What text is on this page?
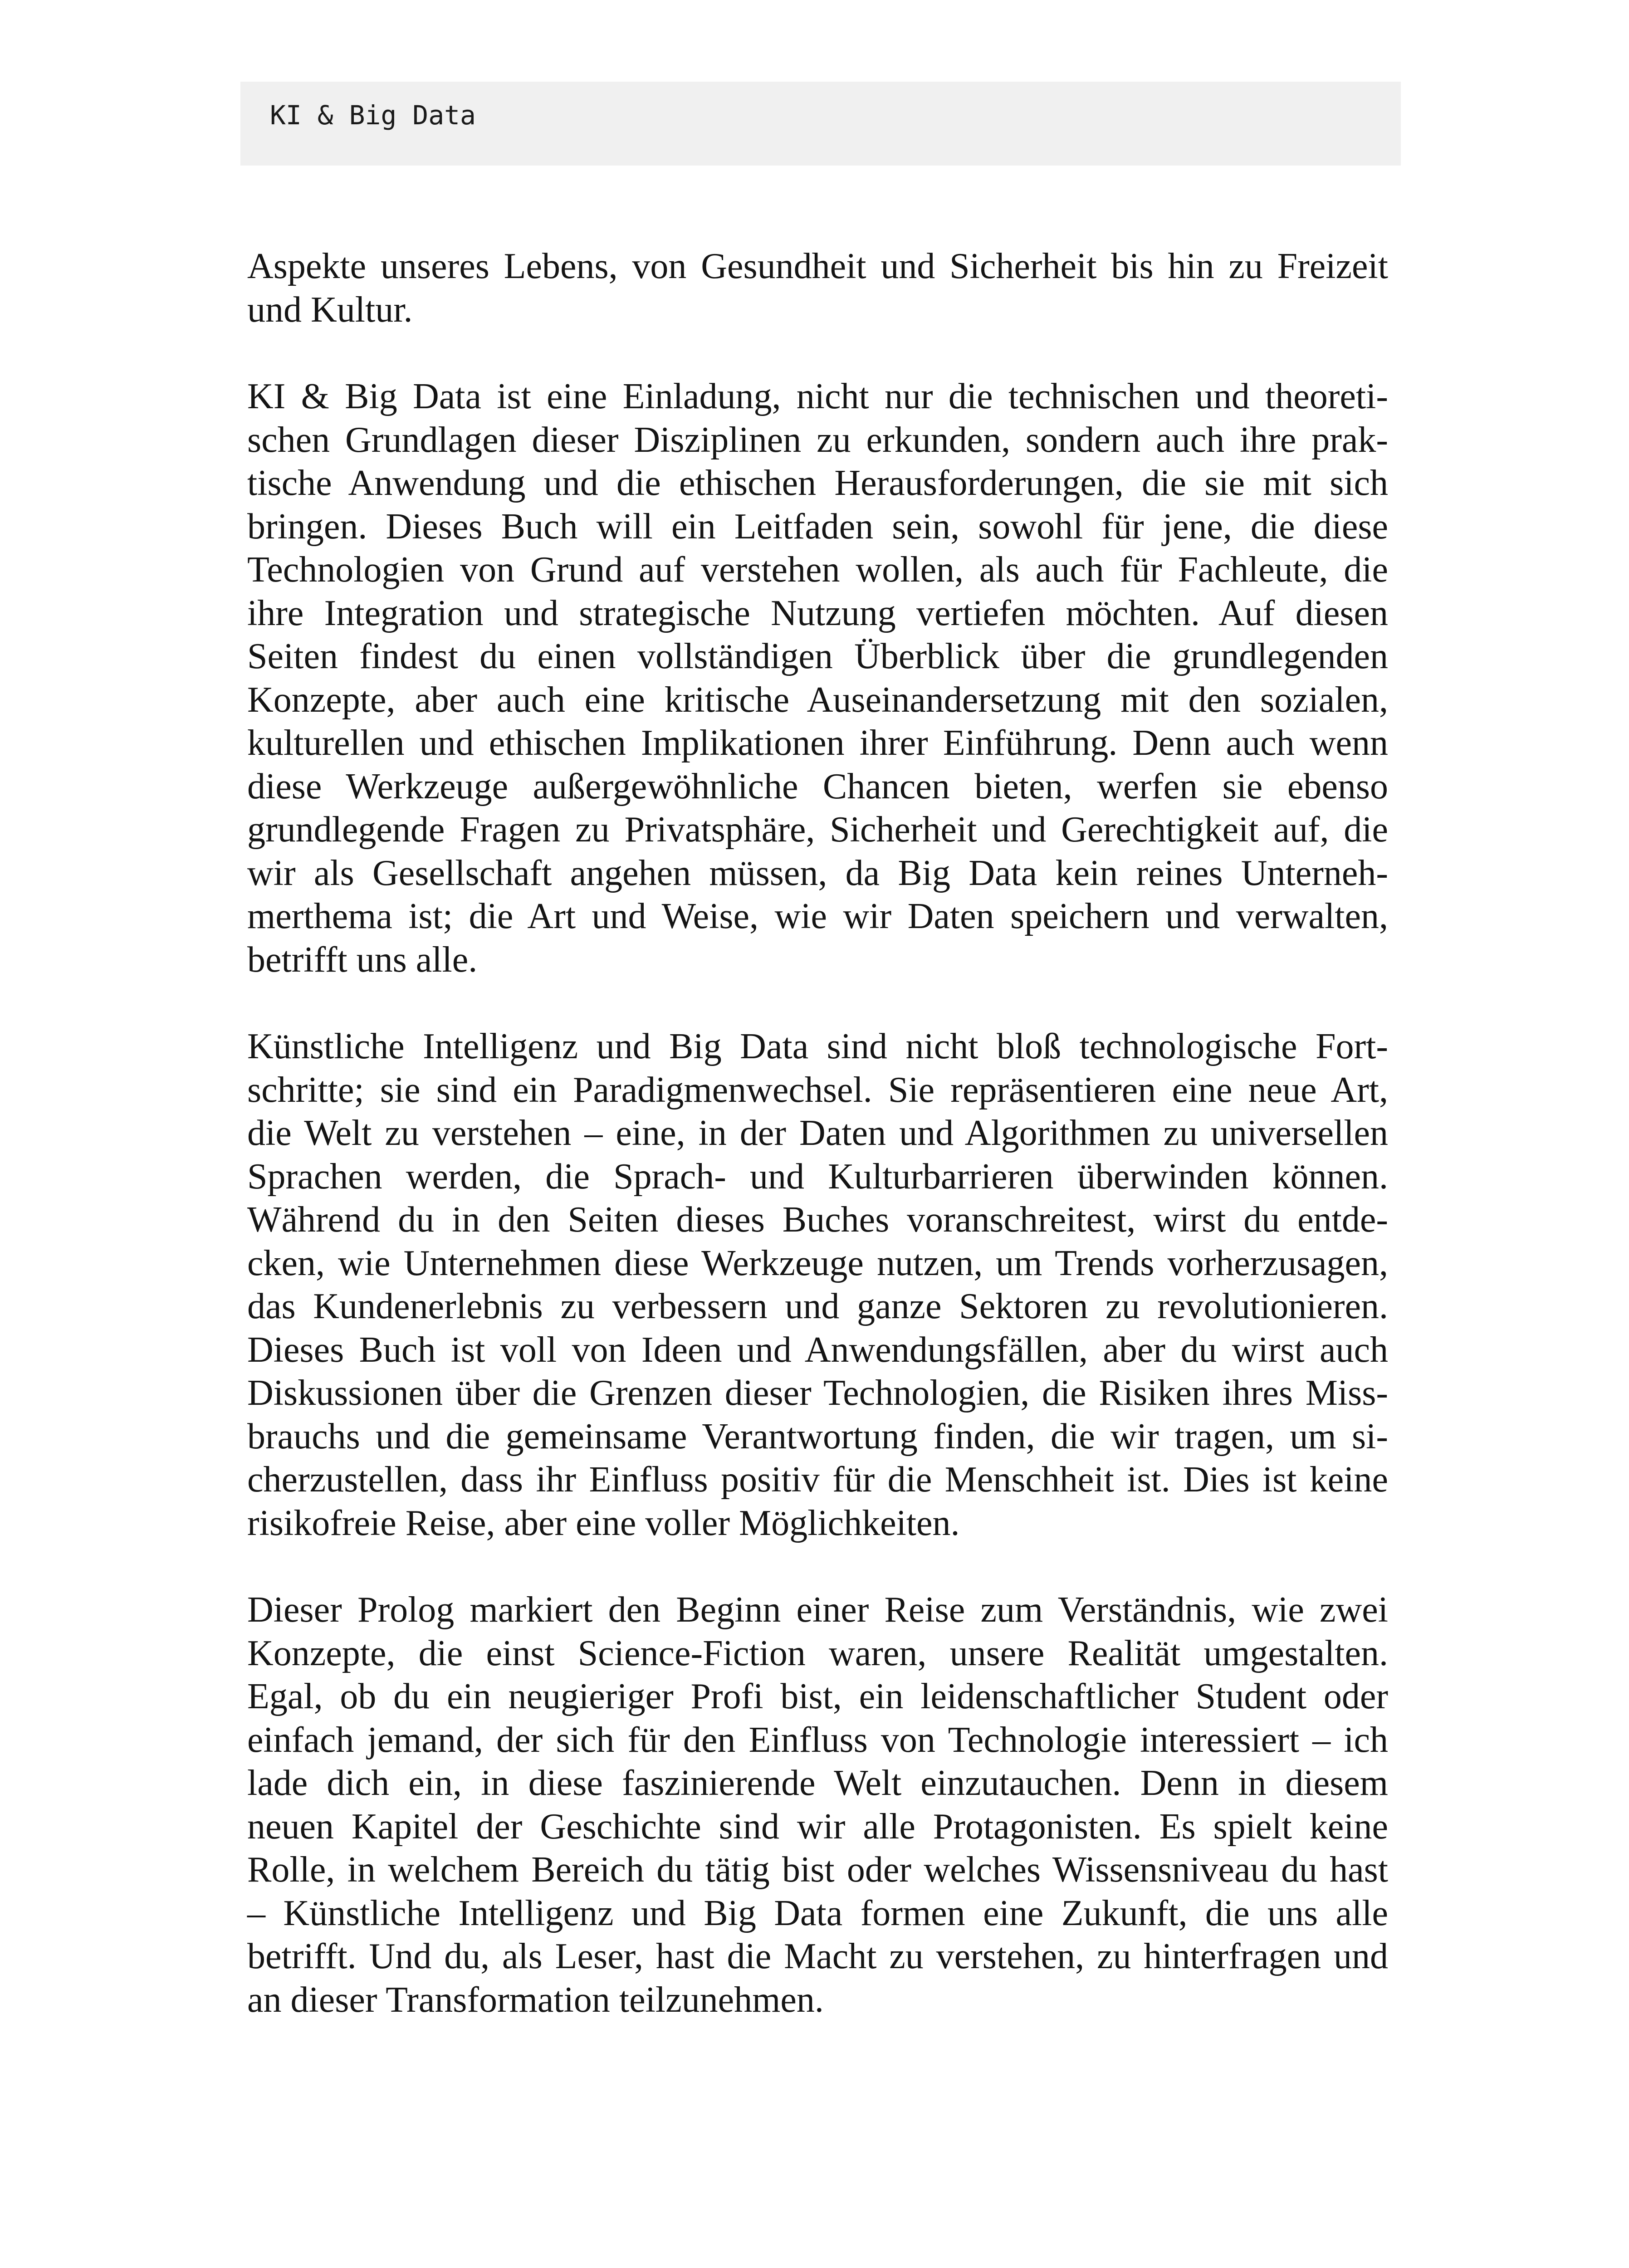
KI & Big Data
Aspekte unseres Lebens, von Gesundheit und Sicherheit bis hin zu Freizeit
und Kultur.
KI & Big Data ist eine Einladung, nicht nur die technischen und theoreti-
schen Grundlagen dieser Disziplinen zu erkunden, sondern auch ihre prak-
tische Anwendung und die ethischen Herausforderungen, die sie mit sich
bringen. Dieses Buch will ein Leitfaden sein, sowohl für jene, die diese
Technologien von Grund auf verstehen wollen, als auch für Fachleute, die
ihre Integration und strategische Nutzung vertiefen möchten. Auf diesen
Seiten findest du einen vollständigen Überblick über die grundlegenden
Konzepte, aber auch eine kritische Auseinandersetzung mit den sozialen,
kulturellen und ethischen Implikationen ihrer Einführung. Denn auch wenn
diese Werkzeuge außergewöhnliche Chancen bieten, werfen sie ebenso
grundlegende Fragen zu Privatsphäre, Sicherheit und Gerechtigkeit auf, die
wir als Gesellschaft angehen müssen, da Big Data kein reines Unterneh-
merthema ist; die Art und Weise, wie wir Daten speichern und verwalten,
betrifft uns alle.
Künstliche Intelligenz und Big Data sind nicht bloß technologische Fort-
schritte; sie sind ein Paradigmenwechsel. Sie repräsentieren eine neue Art,
die Welt zu verstehen – eine, in der Daten und Algorithmen zu universellen
Sprachen werden, die Sprach- und Kulturbarrieren überwinden können.
Während du in den Seiten dieses Buches voranschreitest, wirst du entde-
cken, wie Unternehmen diese Werkzeuge nutzen, um Trends vorherzusagen,
das Kundenerlebnis zu verbessern und ganze Sektoren zu revolutionieren.
Dieses Buch ist voll von Ideen und Anwendungsfällen, aber du wirst auch
Diskussionen über die Grenzen dieser Technologien, die Risiken ihres Miss-
brauchs und die gemeinsame Verantwortung finden, die wir tragen, um si-
cherzustellen, dass ihr Einfluss positiv für die Menschheit ist. Dies ist keine
risikofreie Reise, aber eine voller Möglichkeiten.
Dieser Prolog markiert den Beginn einer Reise zum Verständnis, wie zwei
Konzepte, die einst Science-Fiction waren, unsere Realität umgestalten.
Egal, ob du ein neugieriger Profi bist, ein leidenschaftlicher Student oder
einfach jemand, der sich für den Einfluss von Technologie interessiert – ich
lade dich ein, in diese faszinierende Welt einzutauchen. Denn in diesem
neuen Kapitel der Geschichte sind wir alle Protagonisten. Es spielt keine
Rolle, in welchem Bereich du tätig bist oder welches Wissensniveau du hast
– Künstliche Intelligenz und Big Data formen eine Zukunft, die uns alle
betrifft. Und du, als Leser, hast die Macht zu verstehen, zu hinterfragen und
an dieser Transformation teilzunehmen.
